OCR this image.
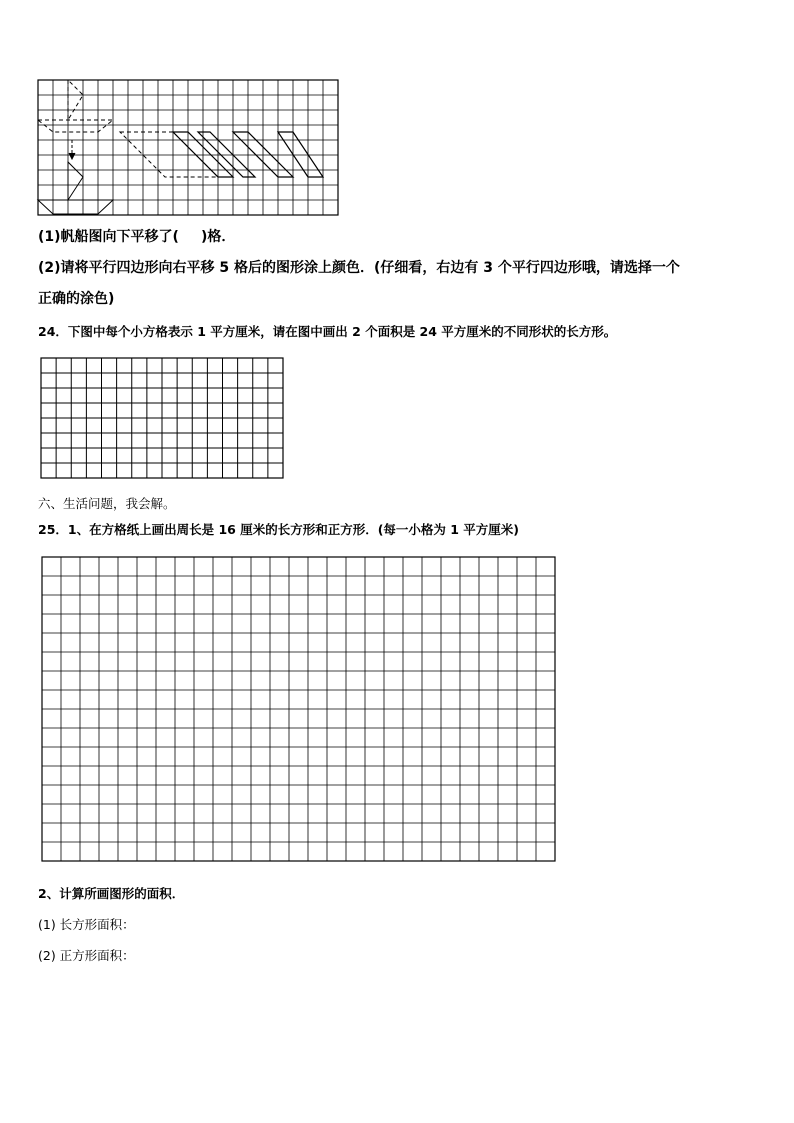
(1)帆船图向下平移了( )格．
(2)请将平行四边形向右平移 5 格后的图形涂上颜色．(仔细看，右边有 3 个平行四边形哦，请选择一个
正确的涂色)
24．下图中每个小方格表示 1 平方厘米，请在图中画出 2 个面积是 24 平方厘米的不同形状的长方形。
六、生活问题，我会解。
25．1、在方格纸上画出周长是 16 厘米的长方形和正方形．(每一小格为 1 平方厘米)
2、计算所画图形的面积．
(1) 长方形面积：
(2) 正方形面积：
